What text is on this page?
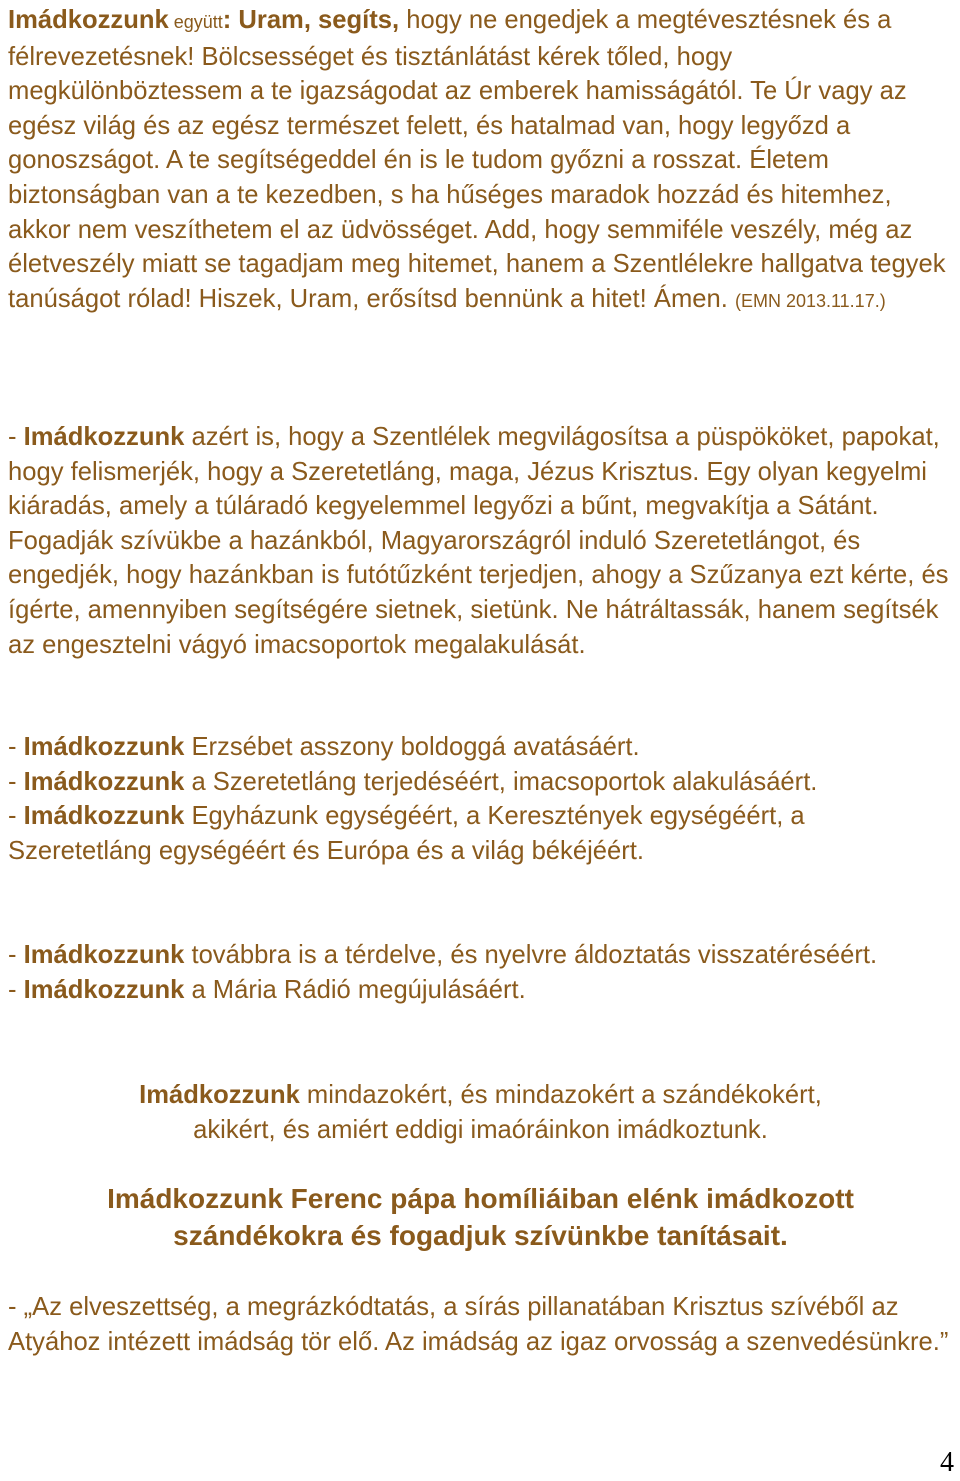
Imádkozzunk együtt: Uram, segíts, hogy ne engedjek a megtévesztésnek és a félrevezetésnek! Bölcsességet és tisztánlátást kérek tőled, hogy megkülönböztessem a te igazságodat az emberek hamisságától. Te Úr vagy az egész világ és az egész természet felett, és hatalmad van, hogy legyőzd a gonoszságot. A te segítségeddel én is le tudom győzni a rosszat. Életem biztonságban van a te kezedben, s ha hűséges maradok hozzád és hitemhez, akkor nem veszíthetem el az üdvösséget. Add, hogy semmiféle veszély, még az életveszély miatt se tagadjam meg hitemet, hanem a Szentlélekre hallgatva tegyek tanúságot rólad! Hiszek, Uram, erősítsd bennünk a hitet! Ámen. (EMN 2013.11.17.)

- Imádkozzunk azért is, hogy a Szentlélek megvilágosítsa a püspököket, papokat, hogy felismerjék, hogy a Szeretetláng, maga, Jézus Krisztus. Egy olyan kegyelmi kiáradás, amely a túláradó kegyelemmel legyőzi a bűnt, megvakítja a Sátánt. Fogadják szívükbe a hazánkból, Magyarországról induló Szeretetlángot, és engedjék, hogy hazánkban is futótűzként terjedjen, ahogy a Szűzanya ezt kérte, és ígérte, amennyiben segítségére sietnek, sietünk. Ne hátráltassák, hanem segítsék az engesztelni vágyó imacsoportok megalakulását.

- Imádkozzunk Erzsébet asszony boldoggá avatásáért.

- Imádkozzunk a Szeretetláng terjedéséért, imacsoportok alakulásáért.

- Imádkozzunk Egyházunk egységéért, a Keresztények egységéért, a Szeretetláng egységéért és Európa és a világ békéjéért.

- Imádkozzunk továbbra is a térdelve, és nyelvre áldoztatás visszatéréséért.

- Imádkozzunk a Mária Rádió megújulásáért.

Imádkozzunk mindazokért, és mindazokért a szándékokért,

akikért, és amiért eddigi imaóráinkon imádkoztunk.

Imádkozzunk Ferenc pápa homíliáiban elénk imádkozott
szándékokra és fogadjuk szívünkbe tanításait.

- „Az elveszettség, a megrázkódtatás, a sírás pillanatában Krisztus szívéből az Atyához intézett imádság tör elő. Az imádság az igaz orvosság a szenvedésünkre.”

4
